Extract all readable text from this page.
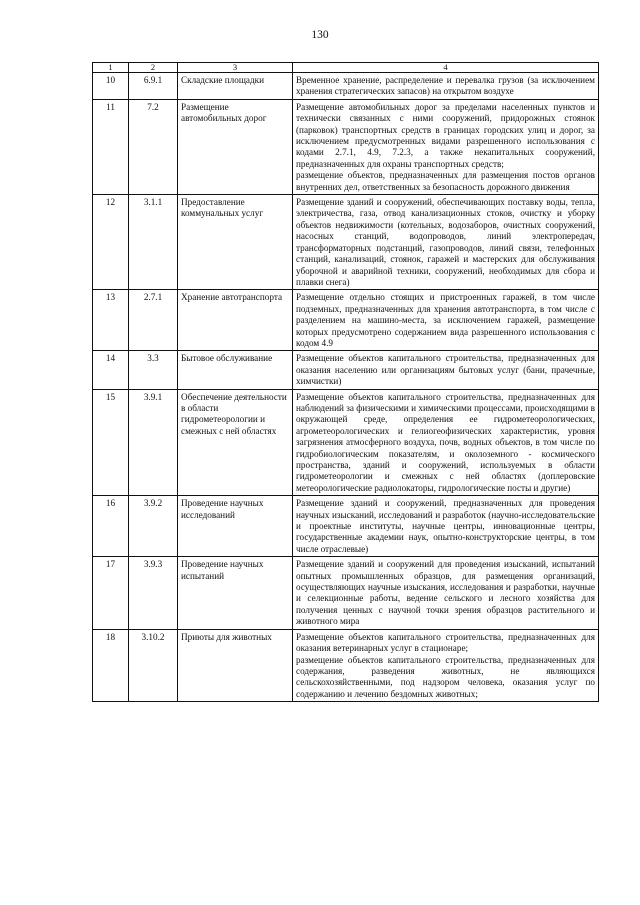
130
1	2	3	4
10	6.9.1	Складские площадки	Временное хранение, распределение и перевалка грузов (за исключением хранения стратегических запасов) на открытом воздухе

11	7.2	Размещение автомобильных дорог	Размещение автомобильных дорог за пределами населенных пунктов и технически связанных с ними сооружений, придорожных стоянок (парковок) транспортных средств в границах городских улиц и дорог, за исключением предусмотренных видами разрешенного использования с кодами 2.7.1, 4.9, 7.2.3, а также некапитальных сооружений, предназначенных для охраны транспортных средств;
размещение объектов, предназначенных для размещения постов органов внутренних дел, ответственных за безопасность дорожного движения

12	3.1.1	Предоставление коммунальных услуг	Размещение зданий и сооружений, обеспечивающих поставку воды, тепла, электричества, газа, отвод канализационных стоков, очистку и уборку объектов недвижимости (котельных, водозаборов, очистных сооружений, насосных станций, водопроводов, линий электропередач, трансформаторных подстанций, газопроводов, линий связи, телефонных станций, канализаций, стоянок, гаражей и мастерских для обслуживания уборочной и аварийной техники, сооружений, необходимых для сбора и плавки снега)

13	2.7.1	Хранение автотранспорта	Размещение отдельно стоящих и пристроенных гаражей, в том числе подземных, предназначенных для хранения автотранспорта, в том числе с разделением на машино-места, за исключением гаражей, размещение которых предусмотрено содержанием вида разрешенного использования с кодом 4.9

14	3.3	Бытовое обслуживание	Размещение объектов капитального строительства, предназначенных для оказания населению или организациям бытовых услуг (бани, прачечные, химчистки)

15	3.9.1	Обеспечение деятельности в области гидрометеорологии и смежных с ней областях	Размещение объектов капитального строительства, предназначенных для наблюдений за физическими и химическими процессами, происходящими в окружающей среде, определения ее гидрометеорологических, агрометеорологических и гелиогеофизических характеристик, уровня загрязнения атмосферного воздуха, почв, водных объектов, в том числе по гидробиологическим показателям, и околоземного - космического пространства, зданий и сооружений, используемых в области гидрометеорологии и смежных с ней областях (доплеровские метеорологические радиолокаторы, гидрологические посты и другие)

16	3.9.2	Проведение научных исследований	Размещение зданий и сооружений, предназначенных для проведения научных изысканий, исследований и разработок (научно-исследовательские и проектные институты, научные центры, инновационные центры, государственные академии наук, опытно-конструкторские центры, в том числе отраслевые)

17	3.9.3	Проведение научных испытаний	Размещение зданий и сооружений для проведения изысканий, испытаний опытных промышленных образцов, для размещения организаций, осуществляющих научные изыскания, исследования и разработки, научные и селекционные работы, ведение сельского и лесного хозяйства для получения ценных с научной точки зрения образцов растительного и животного мира

18	3.10.2	Приюты для животных	Размещение объектов капитального строительства, предназначенных для оказания ветеринарных услуг в стационаре;
размещение объектов капитального строительства, предназначенных для содержания, разведения животных, не являющихся сельскохозяйственными, под надзором человека, оказания услуг по содержанию и лечению бездомных животных;
